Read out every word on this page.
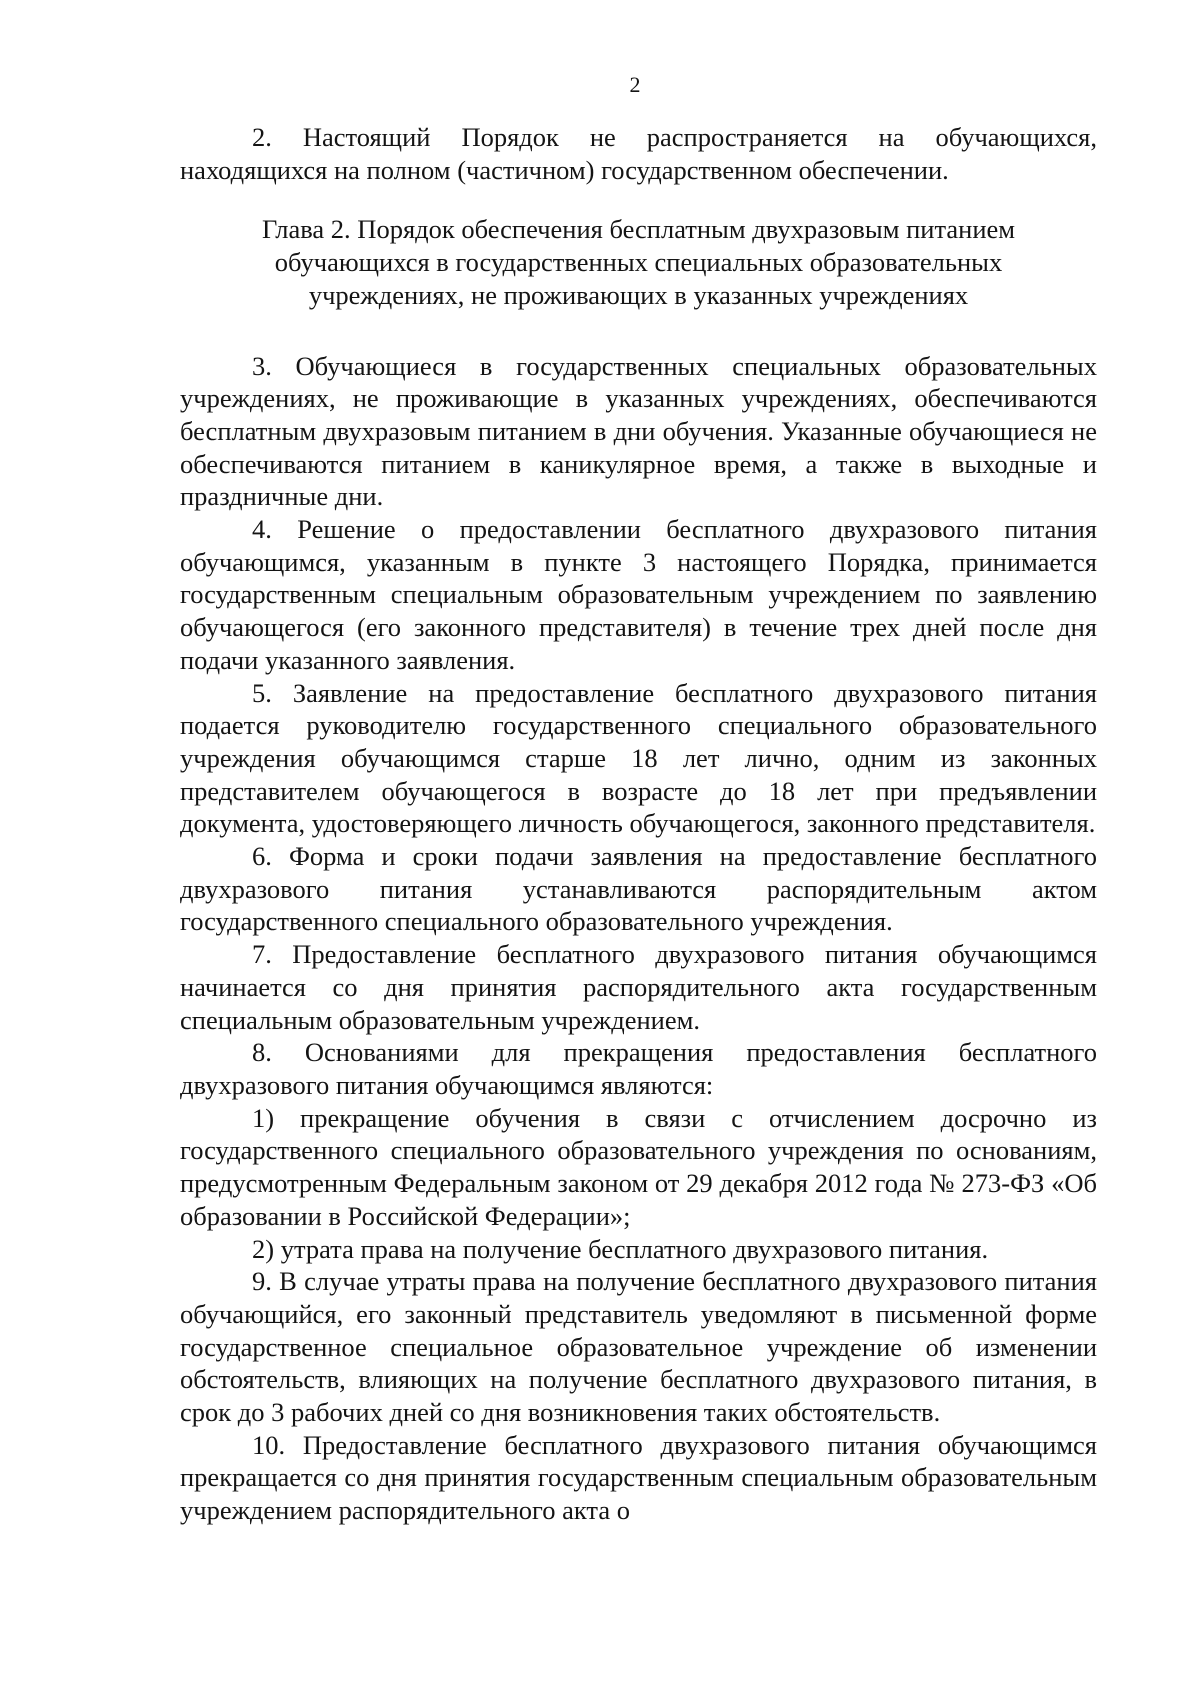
2

2. Настоящий Порядок не распространяется на обучающихся, находящихся на полном (частичном) государственном обеспечении.

Глава 2. Порядок обеспечения бесплатным двухразовым питанием
обучающихся в государственных специальных образовательных
учреждениях, не проживающих в указанных учреждениях

3. Обучающиеся в государственных специальных образовательных учреждениях, не проживающие в указанных учреждениях, обеспечиваются бесплатным двухразовым питанием в дни обучения. Указанные обучающиеся не обеспечиваются питанием в каникулярное время, а также в выходные и праздничные дни.

4. Решение о предоставлении бесплатного двухразового питания обучающимся, указанным в пункте 3 настоящего Порядка, принимается государственным специальным образовательным учреждением по заявлению обучающегося (его законного представителя) в течение трех дней после дня подачи указанного заявления.

5. Заявление на предоставление бесплатного двухразового питания подается руководителю государственного специального образовательного учреждения обучающимся старше 18 лет лично, одним из законных представителем обучающегося в возрасте до 18 лет при предъявлении документа, удостоверяющего личность обучающегося, законного представителя.

6. Форма и сроки подачи заявления на предоставление бесплатного двухразового питания устанавливаются распорядительным актом государственного специального образовательного учреждения.

7. Предоставление бесплатного двухразового питания обучающимся начинается со дня принятия распорядительного акта государственным специальным образовательным учреждением.

8. Основаниями для прекращения предоставления бесплатного двухразового питания обучающимся являются:

1) прекращение обучения в связи с отчислением досрочно из государственного специального образовательного учреждения по основаниям, предусмотренным Федеральным законом от 29 декабря 2012 года № 273-ФЗ «Об образовании в Российской Федерации»;

2) утрата права на получение бесплатного двухразового питания.

9. В случае утраты права на получение бесплатного двухразового питания обучающийся, его законный представитель уведомляют в письменной форме государственное специальное образовательное учреждение об изменении обстоятельств, влияющих на получение бесплатного двухразового питания, в срок до 3 рабочих дней со дня возникновения таких обстоятельств.

10. Предоставление бесплатного двухразового питания обучающимся прекращается со дня принятия государственным специальным образовательным учреждением распорядительного акта о
